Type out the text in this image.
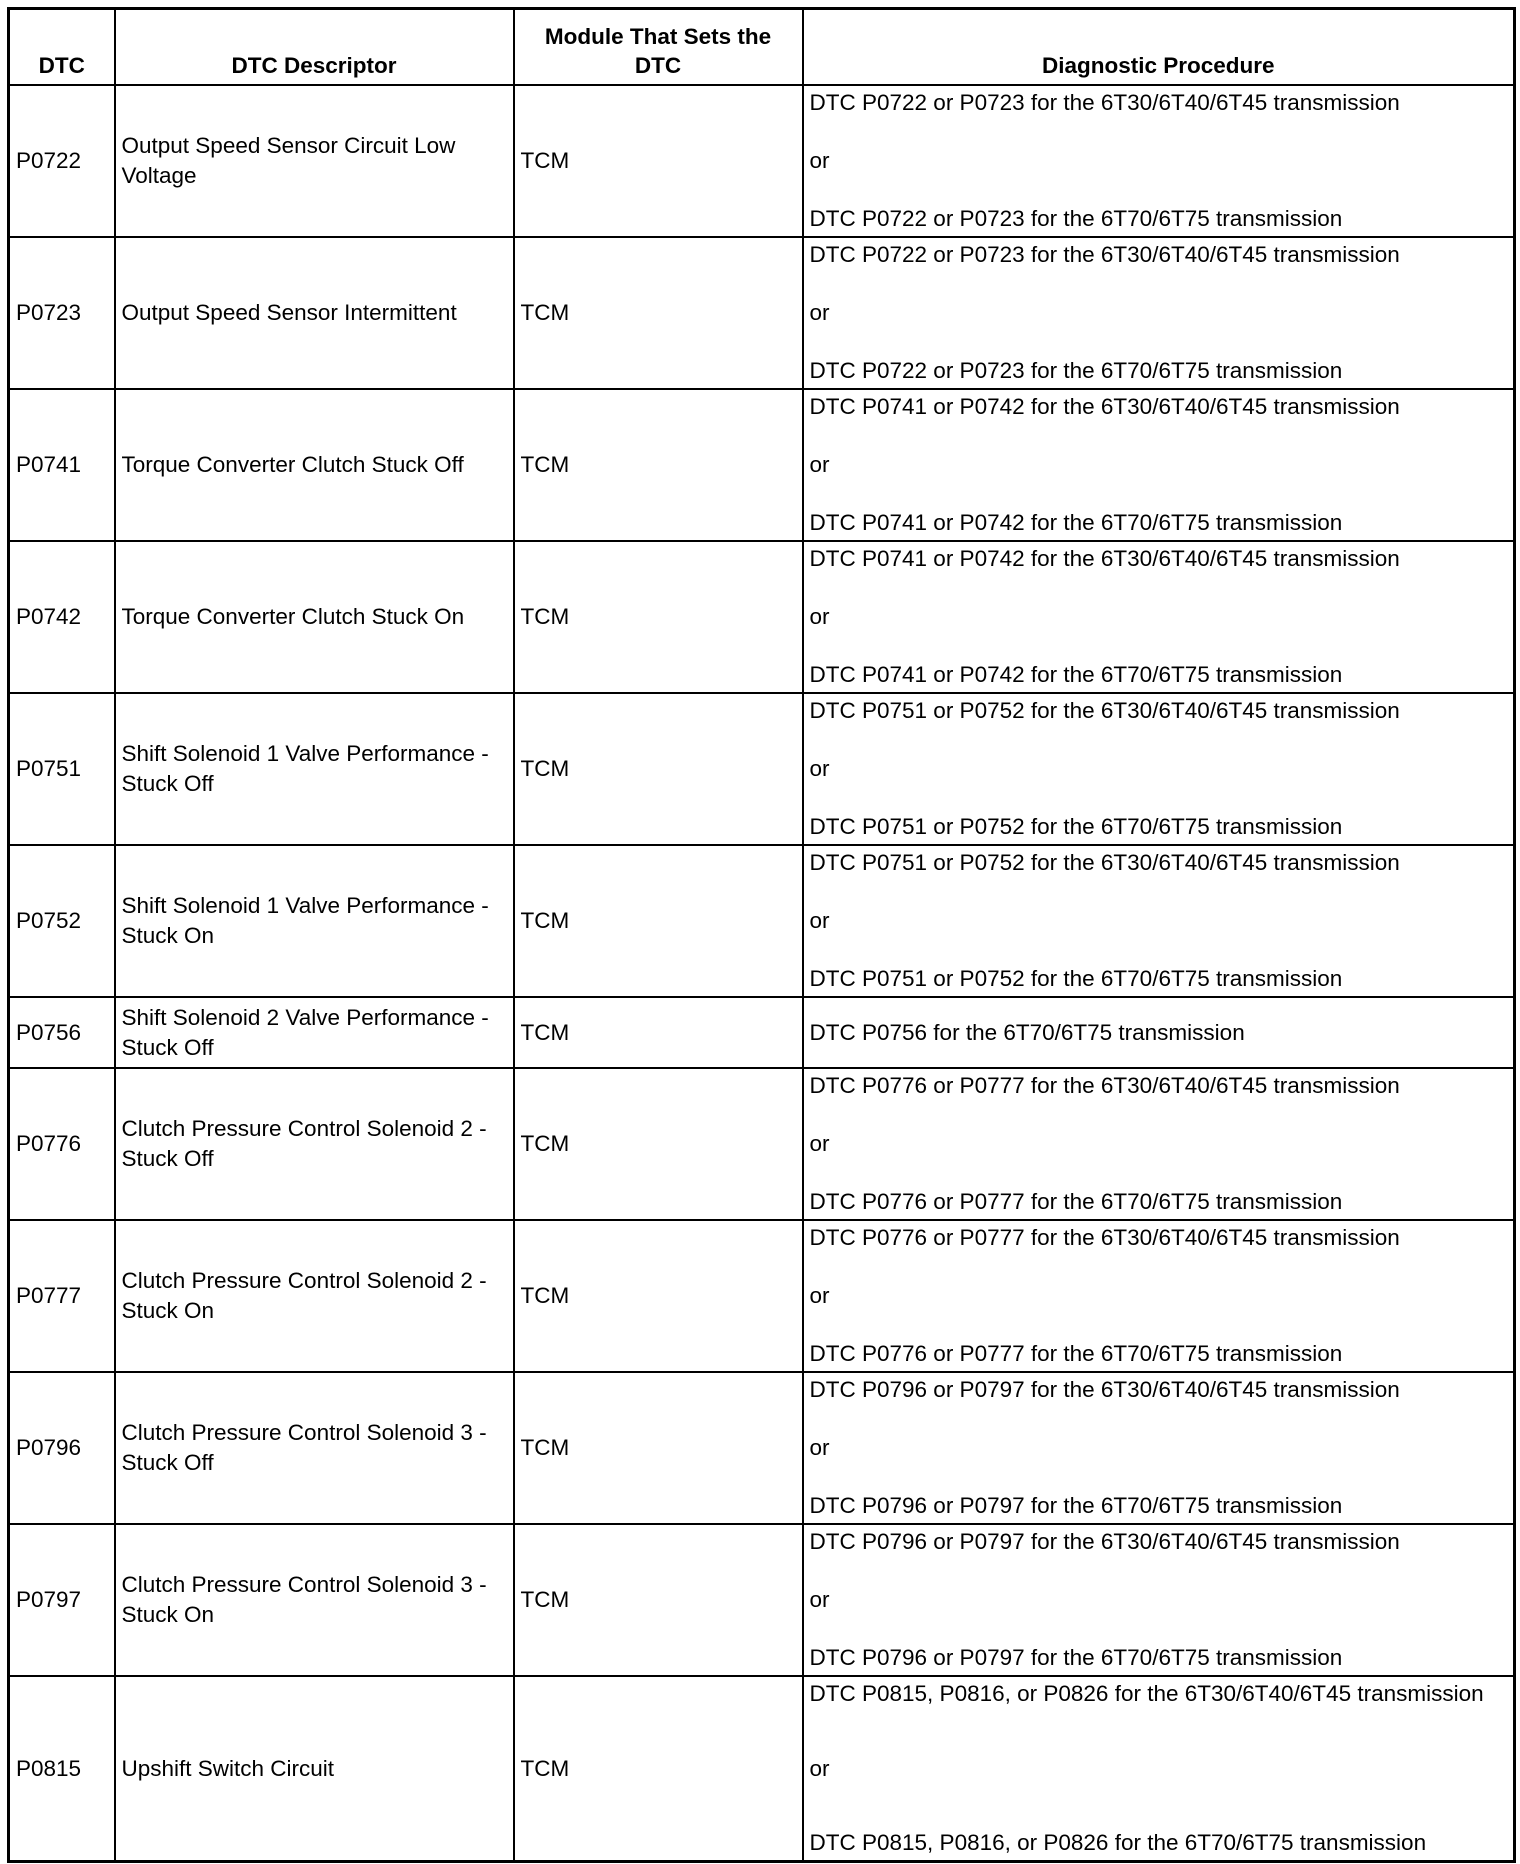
DTC	DTC Descriptor	Module That Sets the DTC	Diagnostic Procedure
P0722	Output Speed Sensor Circuit Low Voltage	TCM	DTC P0722 or P0723 for the 6T30/6T40/6T45 transmission
or
DTC P0722 or P0723 for the 6T70/6T75 transmission

P0723	Output Speed Sensor Intermittent	TCM	DTC P0722 or P0723 for the 6T30/6T40/6T45 transmission
or
DTC P0722 or P0723 for the 6T70/6T75 transmission

P0741	Torque Converter Clutch Stuck Off	TCM	DTC P0741 or P0742 for the 6T30/6T40/6T45 transmission
or
DTC P0741 or P0742 for the 6T70/6T75 transmission

P0742	Torque Converter Clutch Stuck On	TCM	DTC P0741 or P0742 for the 6T30/6T40/6T45 transmission
or
DTC P0741 or P0742 for the 6T70/6T75 transmission

P0751	Shift Solenoid 1 Valve Performance - Stuck Off	TCM	DTC P0751 or P0752 for the 6T30/6T40/6T45 transmission
or
DTC P0751 or P0752 for the 6T70/6T75 transmission

P0752	Shift Solenoid 1 Valve Performance - Stuck On	TCM	DTC P0751 or P0752 for the 6T30/6T40/6T45 transmission
or
DTC P0751 or P0752 for the 6T70/6T75 transmission

P0756	Shift Solenoid 2 Valve Performance - Stuck Off	TCM	DTC P0756 for the 6T70/6T75 transmission
P0776	Clutch Pressure Control Solenoid 2 - Stuck Off	TCM	DTC P0776 or P0777 for the 6T30/6T40/6T45 transmission
or
DTC P0776 or P0777 for the 6T70/6T75 transmission

P0777	Clutch Pressure Control Solenoid 2 - Stuck On	TCM	DTC P0776 or P0777 for the 6T30/6T40/6T45 transmission
or
DTC P0776 or P0777 for the 6T70/6T75 transmission

P0796	Clutch Pressure Control Solenoid 3 - Stuck Off	TCM	DTC P0796 or P0797 for the 6T30/6T40/6T45 transmission
or
DTC P0796 or P0797 for the 6T70/6T75 transmission

P0797	Clutch Pressure Control Solenoid 3 - Stuck On	TCM	DTC P0796 or P0797 for the 6T30/6T40/6T45 transmission
or
DTC P0796 or P0797 for the 6T70/6T75 transmission

P0815	Upshift Switch Circuit	TCM	DTC P0815, P0816, or P0826 for the 6T30/6T40/6T45 transmission
or
DTC P0815, P0816, or P0826 for the 6T70/6T75 transmission
